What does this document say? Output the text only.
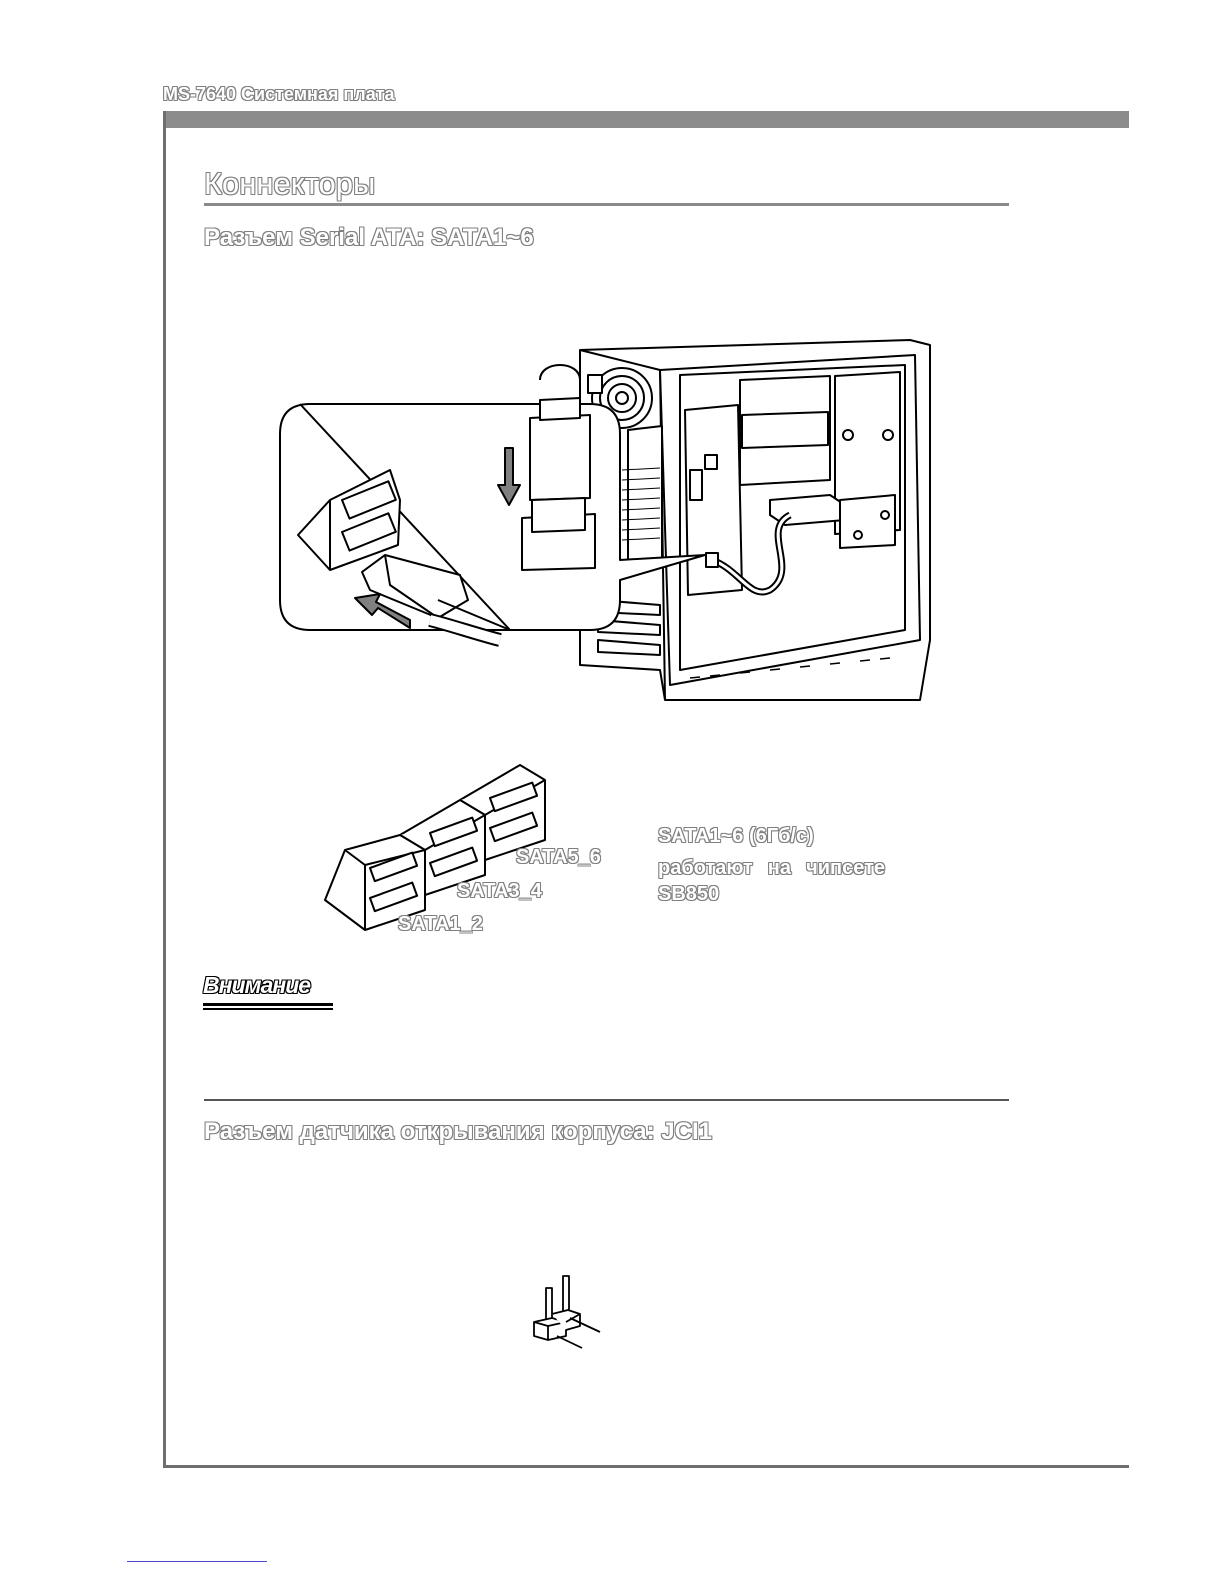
MS-7640 Системная плата
Коннекторы
Разъем Serial ATA: SATA1~6
SATA5_6
SATA3_4
SATA1_2
SATA1~6 (6Гб/с)
работают на чипсете
SB850
Внимание
Разъем датчика открывания корпуса: JCI1
